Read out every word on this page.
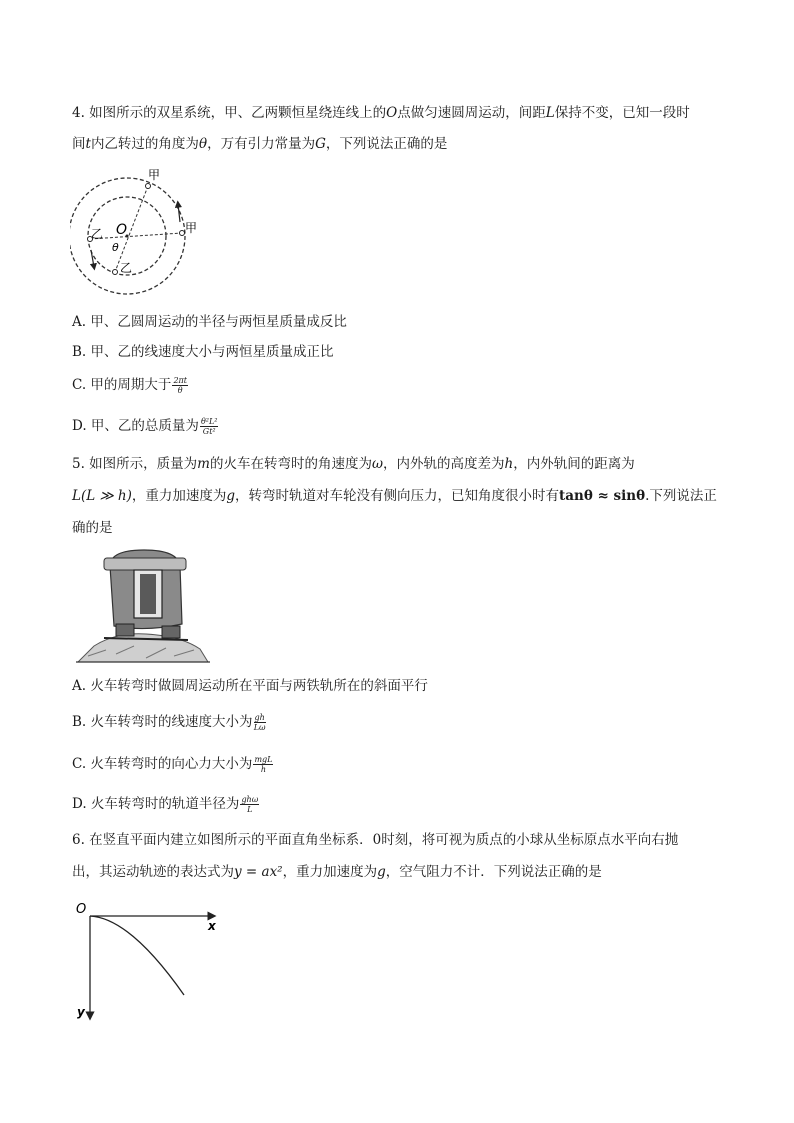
4. 如图所示的双星系统，甲、乙两颗恒星绕连线上的O点做匀速圆周运动，间距L保持不变，已知一段时
间t内乙转过的角度为θ，万有引力常量为G，下列说法正确的是
甲
甲
乙
乙
O
θ
A. 甲、乙圆周运动的半径与两恒星质量成反比
B. 甲、乙的线速度大小与两恒星质量成正比
C. 甲的周期大于 $\frac{2\pi t}{\theta}$
D. 甲、乙的总质量为 $\frac{\text{θ²L²}}{\text{Gt²}}$
5. 如图所示，质量为m的火车在转弯时的角速度为ω，内外轨的高度差为h，内外轨间的距离为
L(L ≫ h)，重力加速度为g，转弯时轨道对车轮没有侧向压力，已知角度很小时有tanθ ≈ sinθ.下列说法正
确的是
A. 火车转弯时做圆周运动所在平面与两铁轨所在的斜面平行
B. 火车转弯时的线速度大小为 $\frac{gh}{L\omega}$
C. 火车转弯时的向心力大小为 $\frac{\text{mgL}}{h}$
D. 火车转弯时的轨道半径为 $\frac{\text{ghω}}{L}$
6. 在竖直平面内建立如图所示的平面直角坐标系．0时刻，将可视为质点的小球从坐标原点水平向右抛
出，其运动轨迹的表达式为y = ax²，重力加速度为g，空气阻力不计．下列说法正确的是
O
x
y
